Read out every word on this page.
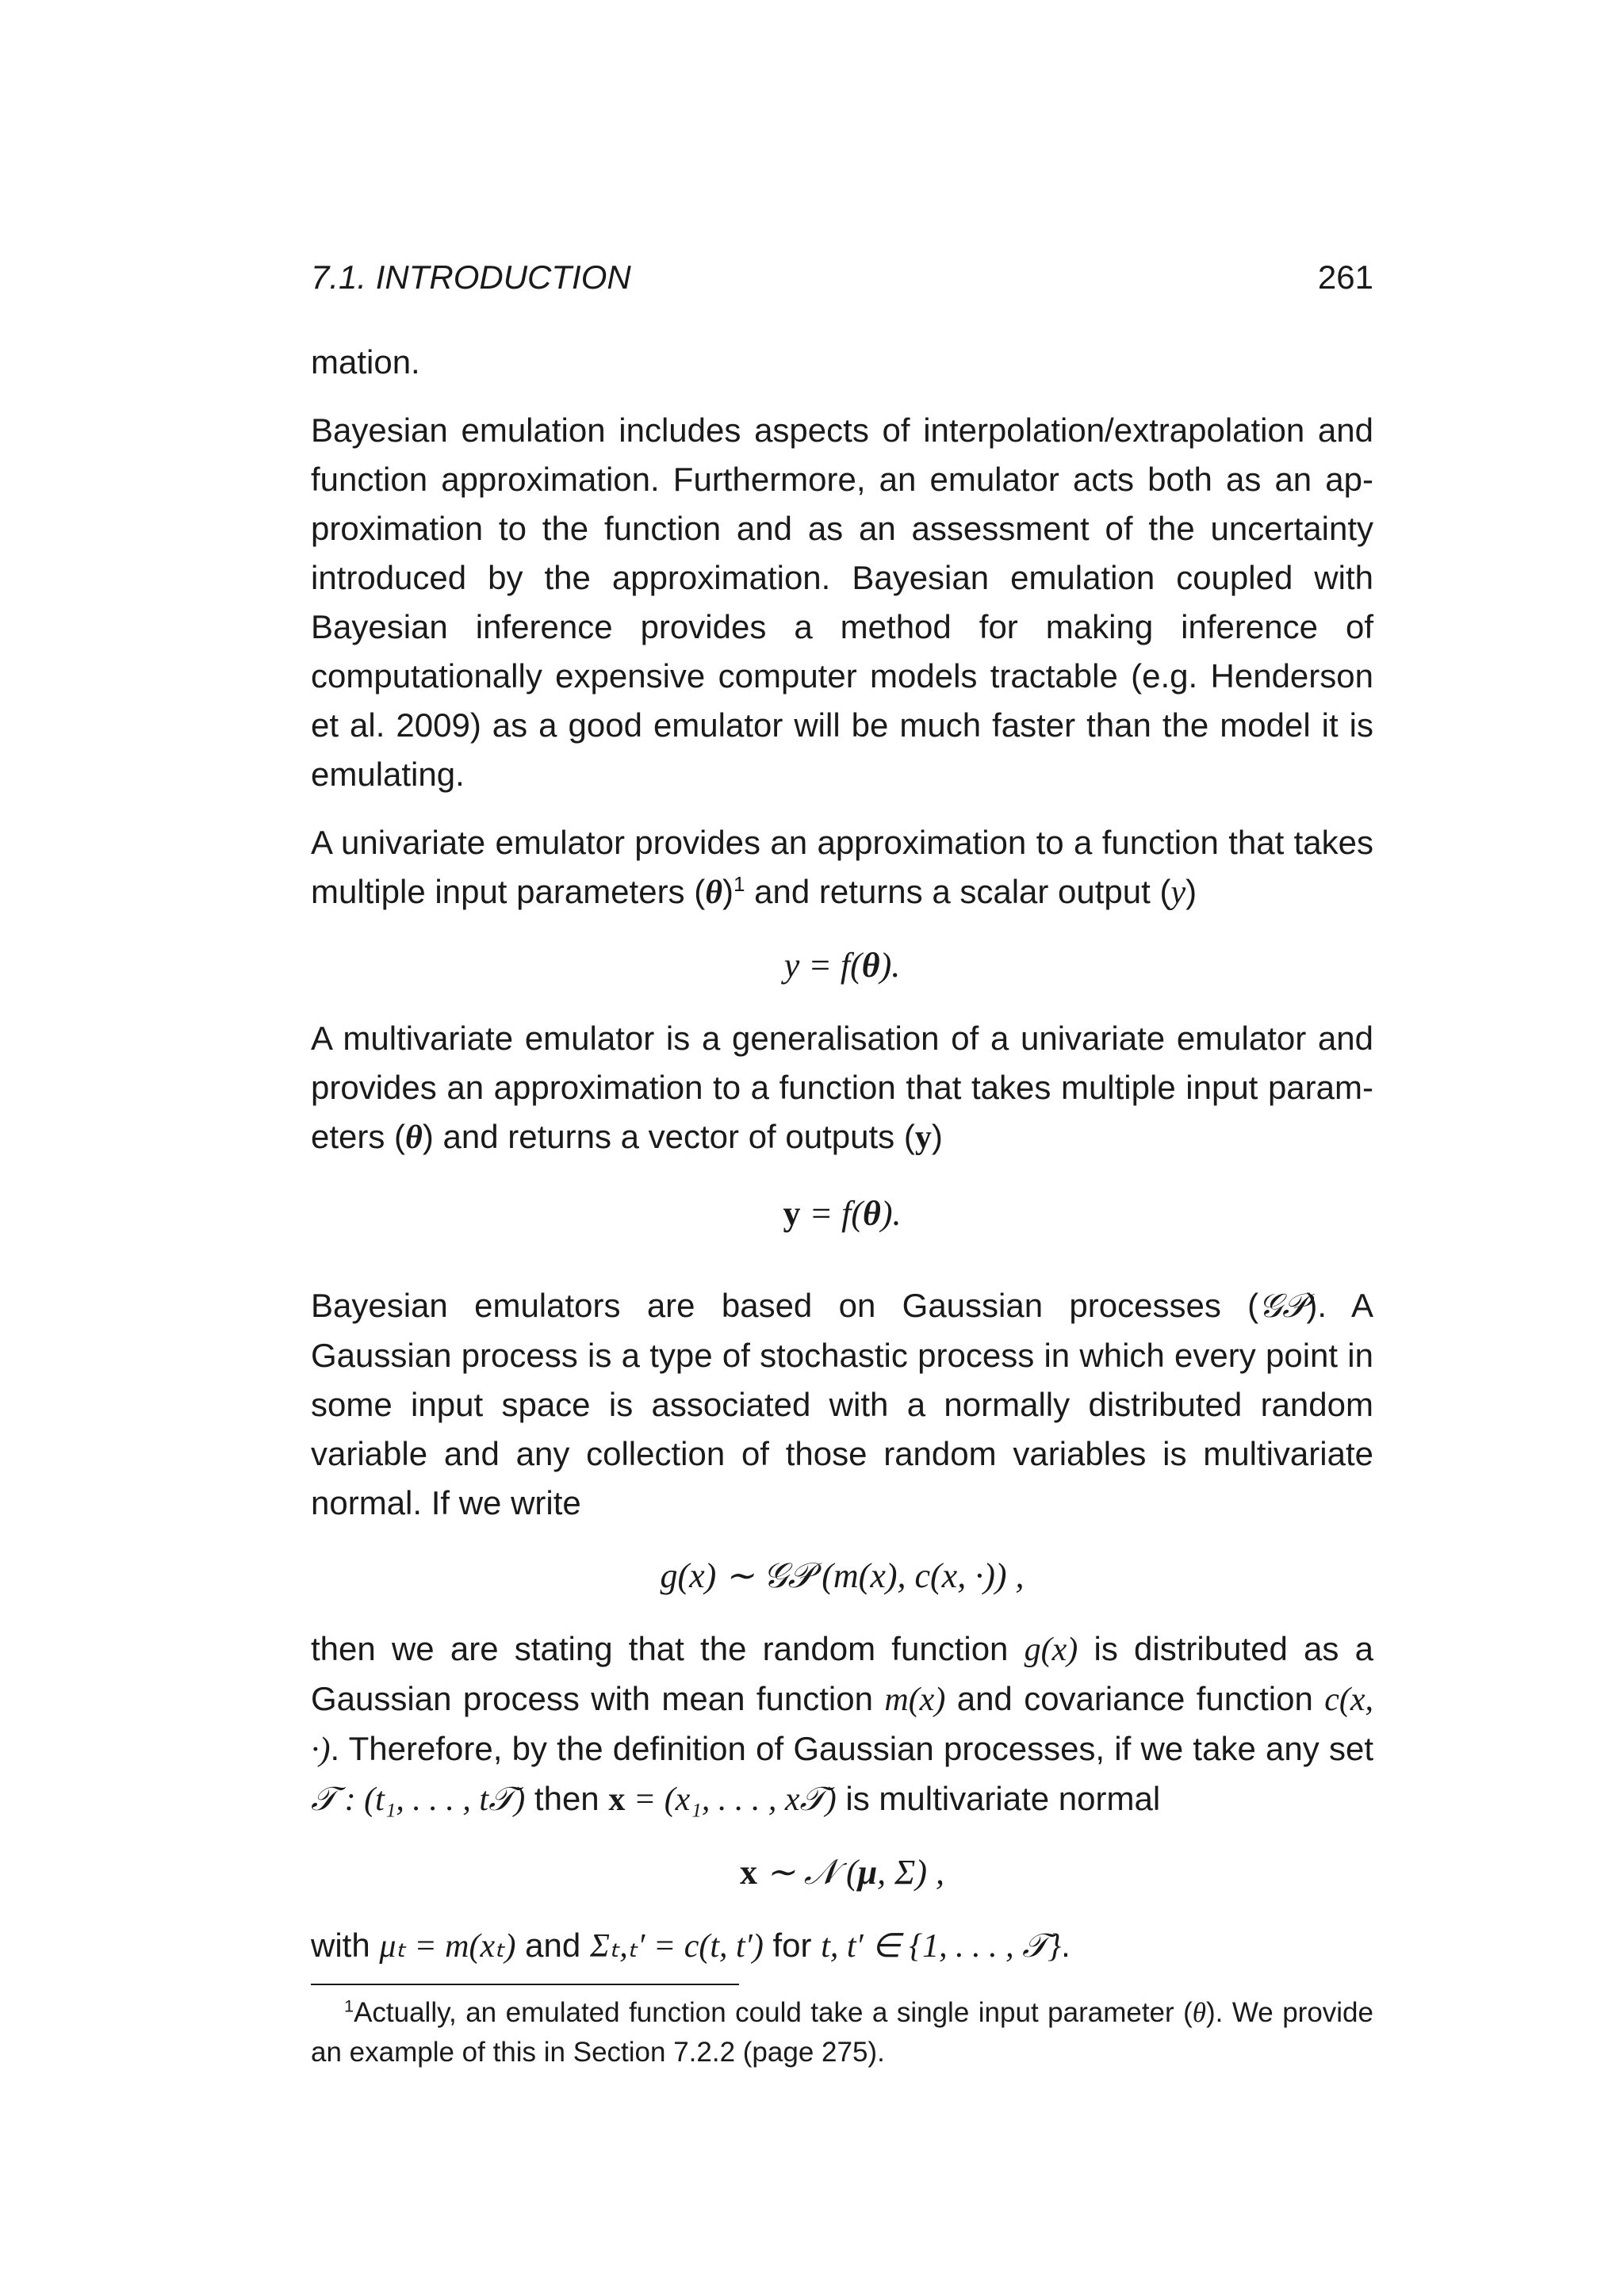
7.1. INTRODUCTION	261

mation.

Bayesian emulation includes aspects of interpolation/extrapolation and function approximation. Furthermore, an emulator acts both as an approximation to the function and as an assessment of the uncertainty introduced by the approximation. Bayesian emulation coupled with Bayesian inference provides a method for making inference of computationally expensive computer models tractable (e.g. Henderson et al. 2009) as a good emulator will be much faster than the model it is emulating.

A univariate emulator provides an approximation to a function that takes multiple input parameters $(\theta)^1$ and returns a scalar output (y)

y = f(θ).

A multivariate emulator is a generalisation of a univariate emulator and provides an approximation to a function that takes multiple input parameters (θ) and returns a vector of outputs (y)

y = f(θ).

Bayesian emulators are based on Gaussian processes (𝒢𝒫). A Gaussian process is a type of stochastic process in which every point in some input space is associated with a normally distributed random variable and any collection of those random variables is multivariate normal. If we write

g(x) ∼ 𝒢𝒫 (m(x), c(x, ·)) ,

then we are stating that the random function g(x) is distributed as a Gaussian process with mean function m(x) and covariance function c(x, ·). Therefore, by the definition of Gaussian processes, if we take any set 𝒯 : (t₁, . . . , t𝒯) then x = (x₁, . . . , x𝒯) is multivariate normal

x ∼ 𝒩 (μ, Σ) ,

with μₜ = m(xₜ) and Σₜ,ₜ′ = c(t, t′) for t, t′ ∈ {1, . . . , 𝒯}.

$^1$Actually, an emulated function could take a single input parameter (θ). We provide an example of this in Section 7.2.2 (page 275).
